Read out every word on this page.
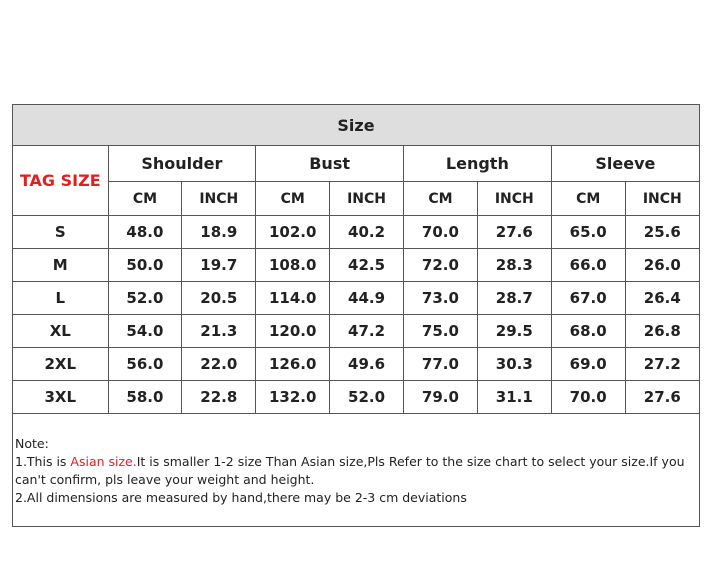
Size								
TAG SIZE	Shoulder		Bust		Length		Sleeve	
	CM	INCH	CM	INCH	CM	INCH	CM	INCH
S	48.0	18.9	102.0	40.2	70.0	27.6	65.0	25.6
M	50.0	19.7	108.0	42.5	72.0	28.3	66.0	26.0
L	52.0	20.5	114.0	44.9	73.0	28.7	67.0	26.4
XL	54.0	21.3	120.0	47.2	75.0	29.5	68.0	26.8
2XL	56.0	22.0	126.0	49.6	77.0	30.3	69.0	27.2
3XL	58.0	22.8	132.0	52.0	79.0	31.1	70.0	27.6
Note:
1.This is Asian size.It is smaller 1-2 size Than Asian size,Pls Refer to the size chart to select your size.If you can't confirm, pls leave your weight and height.
2.All dimensions are measured by hand,there may be 2-3 cm deviations
